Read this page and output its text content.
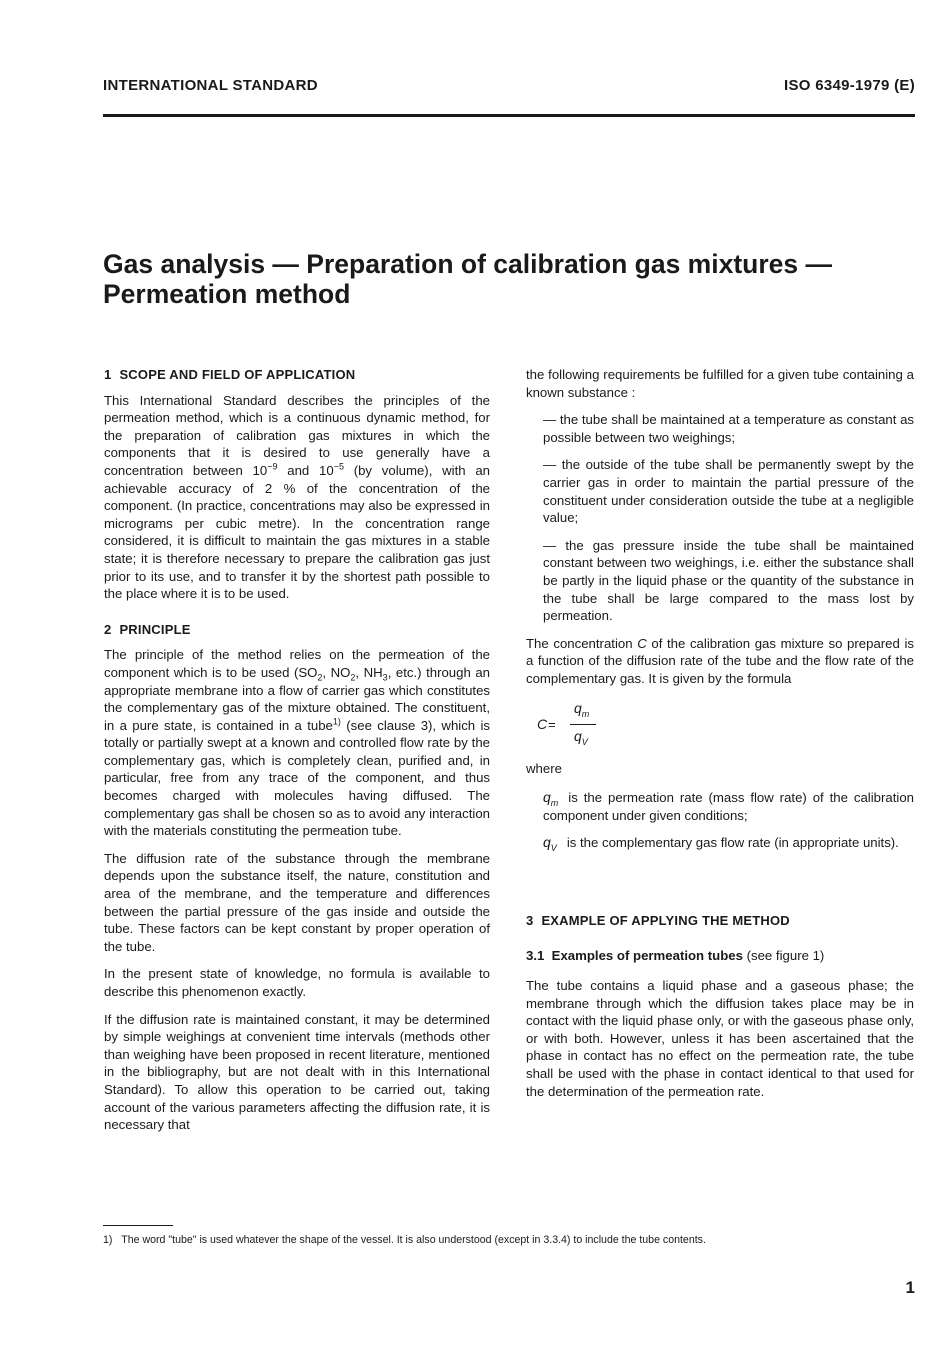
INTERNATIONAL STANDARD	ISO 6349-1979 (E)
Gas analysis — Preparation of calibration gas mixtures —
Permeation method
1 SCOPE AND FIELD OF APPLICATION

This International Standard describes the principles of the permeation method, which is a continuous dynamic method, for the preparation of calibration gas mixtures in which the components that it is desired to use generally have a concentration between $10^{-9}$ and $10^{-5}$ (by volume), with an achievable accuracy of 2 % of the concentration of the component. (In practice, concentrations may also be expressed in micrograms per cubic metre). In the concentration range considered, it is difficult to maintain the gas mixtures in a stable state; it is therefore necessary to prepare the calibration gas just prior to its use, and to transfer it by the shortest path possible to the place where it is to be used.

2 PRINCIPLE

The principle of the method relies on the permeation of the component which is to be used ($SO_2$, $NO_2$, $NH_3$, etc.) through an appropriate membrane into a flow of carrier gas which constitutes the complementary gas of the mixture obtained. The constituent, in a pure state, is contained in a tube$^{1)}$ (see clause 3), which is totally or partially swept at a known and controlled flow rate by the complementary gas, which is completely clean, purified and, in particular, free from any trace of the component, and thus becomes charged with molecules having diffused. The complementary gas shall be chosen so as to avoid any interaction with the materials constituting the permeation tube.

The diffusion rate of the substance through the membrane depends upon the substance itself, the nature, constitution and area of the membrane, and the temperature and differences between the partial pressure of the gas inside and outside the tube. These factors can be kept constant by proper operation of the tube.

In the present state of knowledge, no formula is available to describe this phenomenon exactly.

If the diffusion rate is maintained constant, it may be determined by simple weighings at convenient time intervals (methods other than weighing have been proposed in recent literature, mentioned in the bibliography, but are not dealt with in this International Standard). To allow this operation to be carried out, taking account of the various parameters affecting the diffusion rate, it is necessary that

the following requirements be fulfilled for a given tube containing a known substance :

— the tube shall be maintained at a temperature as constant as possible between two weighings;

— the outside of the tube shall be permanently swept by the carrier gas in order to maintain the partial pressure of the constituent under consideration outside the tube at a negligible value;

— the gas pressure inside the tube shall be maintained constant between two weighings, i.e. either the substance shall be partly in the liquid phase or the quantity of the substance in the tube shall be large compared to the mass lost by permeation.

The concentration C of the calibration gas mixture so prepared is a function of the diffusion rate of the tube and the flow rate of the complementary gas. It is given by the formula

C =
$q_m$
$q_V$

where

$q_m$ is the permeation rate (mass flow rate) of the calibration component under given conditions;

$q_V$ is the complementary gas flow rate (in appropriate units).

3 EXAMPLE OF APPLYING THE METHOD
3.1 Examples of permeation tubes (see figure 1)

The tube contains a liquid phase and a gaseous phase; the membrane through which the diffusion takes place may be in contact with the liquid phase only, or with the gaseous phase only, or with both. However, unless it has been ascertained that the phase in contact has no effect on the permeation rate, the tube shall be used with the phase in contact identical to that used for the determination of the permeation rate.

1) The word "tube" is used whatever the shape of the vessel. It is also understood (except in 3.3.4) to include the tube contents.
1
